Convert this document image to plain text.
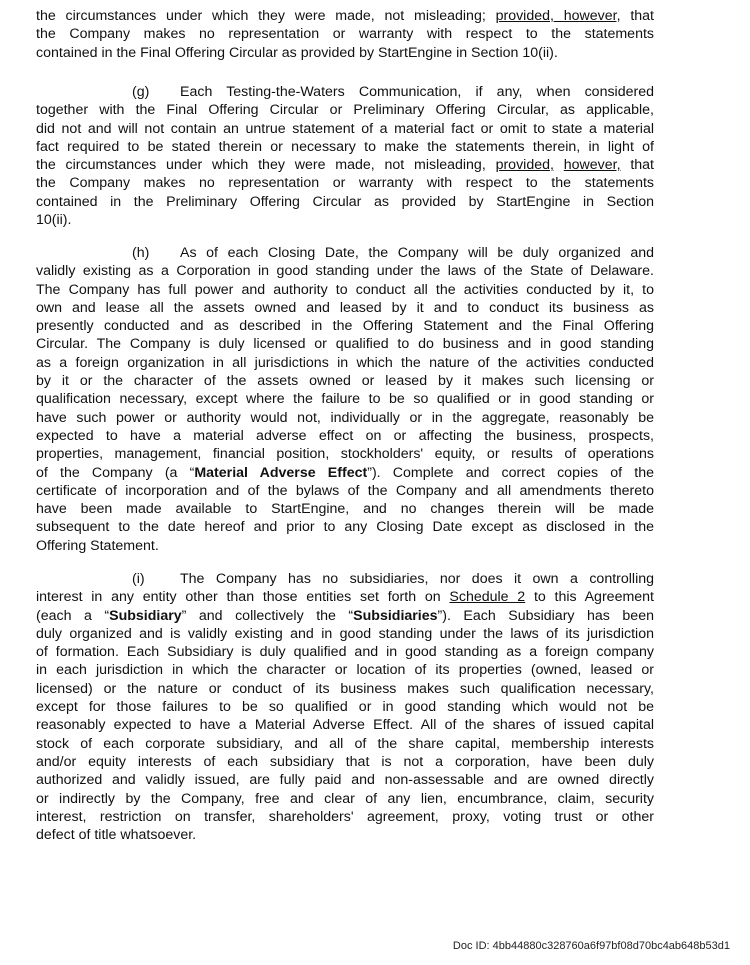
the circumstances under which they were made, not misleading; provided, however, that
the Company makes no representation or warranty with respect to the statements
contained in the Final Offering Circular as provided by StartEngine in Section 10(ii).
(g) Each Testing-the-Waters Communication, if any, when considered
together with the Final Offering Circular or Preliminary Offering Circular, as applicable,
did not and will not contain an untrue statement of a material fact or omit to state a material
fact required to be stated therein or necessary to make the statements therein, in light of
the circumstances under which they were made, not misleading, provided, however, that
the Company makes no representation or warranty with respect to the statements
contained in the Preliminary Offering Circular as provided by StartEngine in Section
10(ii).
(h) As of each Closing Date, the Company will be duly organized and
validly existing as a Corporation in good standing under the laws of the State of Delaware.
The Company has full power and authority to conduct all the activities conducted by it, to
own and lease all the assets owned and leased by it and to conduct its business as
presently conducted and as described in the Offering Statement and the Final Offering
Circular. The Company is duly licensed or qualified to do business and in good standing
as a foreign organization in all jurisdictions in which the nature of the activities conducted
by it or the character of the assets owned or leased by it makes such licensing or
qualification necessary, except where the failure to be so qualified or in good standing or
have such power or authority would not, individually or in the aggregate, reasonably be
expected to have a material adverse effect on or affecting the business, prospects,
properties, management, financial position, stockholders' equity, or results of operations
of the Company (a “Material Adverse Effect”). Complete and correct copies of the
certificate of incorporation and of the bylaws of the Company and all amendments thereto
have been made available to StartEngine, and no changes therein will be made
subsequent to the date hereof and prior to any Closing Date except as disclosed in the
Offering Statement.
(i) The Company has no subsidiaries, nor does it own a controlling
interest in any entity other than those entities set forth on Schedule 2 to this Agreement
(each a “Subsidiary” and collectively the “Subsidiaries”). Each Subsidiary has been
duly organized and is validly existing and in good standing under the laws of its jurisdiction
of formation. Each Subsidiary is duly qualified and in good standing as a foreign company
in each jurisdiction in which the character or location of its properties (owned, leased or
licensed) or the nature or conduct of its business makes such qualification necessary,
except for those failures to be so qualified or in good standing which would not be
reasonably expected to have a Material Adverse Effect. All of the shares of issued capital
stock of each corporate subsidiary, and all of the share capital, membership interests
and/or equity interests of each subsidiary that is not a corporation, have been duly
authorized and validly issued, are fully paid and non-assessable and are owned directly
or indirectly by the Company, free and clear of any lien, encumbrance, claim, security
interest, restriction on transfer, shareholders' agreement, proxy, voting trust or other
defect of title whatsoever.
Doc ID: 4bb44880c328760a6f97bf08d70bc4ab648b53d1
